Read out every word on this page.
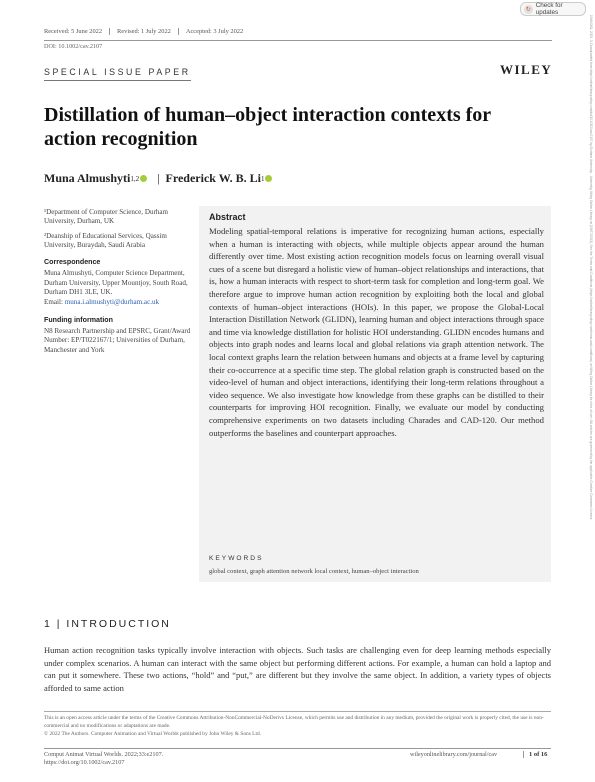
↻
Check for updates
15464261, 2023, 3, Downloaded from https://onlinelibrary.wiley.com/doi/10.1002/cav.2107 by Durham University - University, Wiley Online Library on [19/07/2023]. See the Terms and Conditions (https://onlinelibrary.wiley.com/terms-and-conditions) on Wiley Online Library for rules of use; OA articles are governed by the applicable Creative Commons License
Received: 5 June 2022	Revised: 1 July 2022	Accepted: 3 July 2022
DOI: 10.1002/cav.2107
SPECIAL ISSUE PAPER	WILEY
Distillation of human–object interaction contexts for action recognition
Muna Almushyti 1,2 | Frederick W. B. Li 1

¹Department of Computer Science, Durham University, Durham, UK

²Deanship of Educational Services, Qassim University, Buraydah, Saudi Arabia

Correspondence

Muna Almushyti, Computer Science Department, Durham University, Upper Mountjoy, South Road, Durham DH1 3LE, UK.

Email: muna.i.almushyti@durham.ac.uk

Funding information

N8 Research Partnership and EPSRC, Grant/Award Number: EP/T022167/1; Universities of Durham, Manchester and York

Abstract
Modeling spatial-temporal relations is imperative for recognizing human actions, especially when a human is interacting with objects, while multiple objects appear around the human differently over time. Most existing action recognition models focus on learning overall visual cues of a scene but disregard a holistic view of human–object relationships and interactions, that is, how a human interacts with respect to short-term task for completion and long-term goal. We therefore argue to improve human action recognition by exploiting both the local and global contexts of human–object interactions (HOIs). In this paper, we propose the Global-Local Interaction Distillation Network (GLIDN), learning human and object interactions through space and time via knowledge distillation for holistic HOI understanding. GLIDN encodes humans and objects into graph nodes and learns local and global relations via graph attention network. The local context graphs learn the relation between humans and objects at a frame level by capturing their co-occurrence at a specific time step. The global relation graph is constructed based on the video-level of human and object interactions, identifying their long-term relations throughout a video sequence. We also investigate how knowledge from these graphs can be distilled to their counterparts for improving HOI recognition. Finally, we evaluate our model by conducting comprehensive experiments on two datasets including Charades and CAD-120. Our method outperforms the baselines and counterpart approaches.
KEYWORDS
global context, graph attention network local context, human–object interaction
1 | INTRODUCTION
Human action recognition tasks typically involve interaction with objects. Such tasks are challenging even for deep learning methods especially under complex scenarios. A human can interact with the same object but performing different actions. For example, a human can hold a laptop and can put it somewhere. These two actions, “hold” and “put,” are different but they involve the same object. In addition, a variety types of objects afforded to same action
This is an open access article under the terms of the Creative Commons Attribution-NonCommercial-NoDerivs License, which permits use and distribution in any medium, provided the original work is properly cited, the use is non-commercial and no modifications or adaptations are made.
© 2022 The Authors. Computer Animation and Virtual Worlds published by John Wiley & Sons Ltd.
Comput Animat Virtual Worlds. 2022;33:e2107.
https://doi.org/10.1002/cav.2107
wileyonlinelibrary.com/journal/cav	1 of 16
